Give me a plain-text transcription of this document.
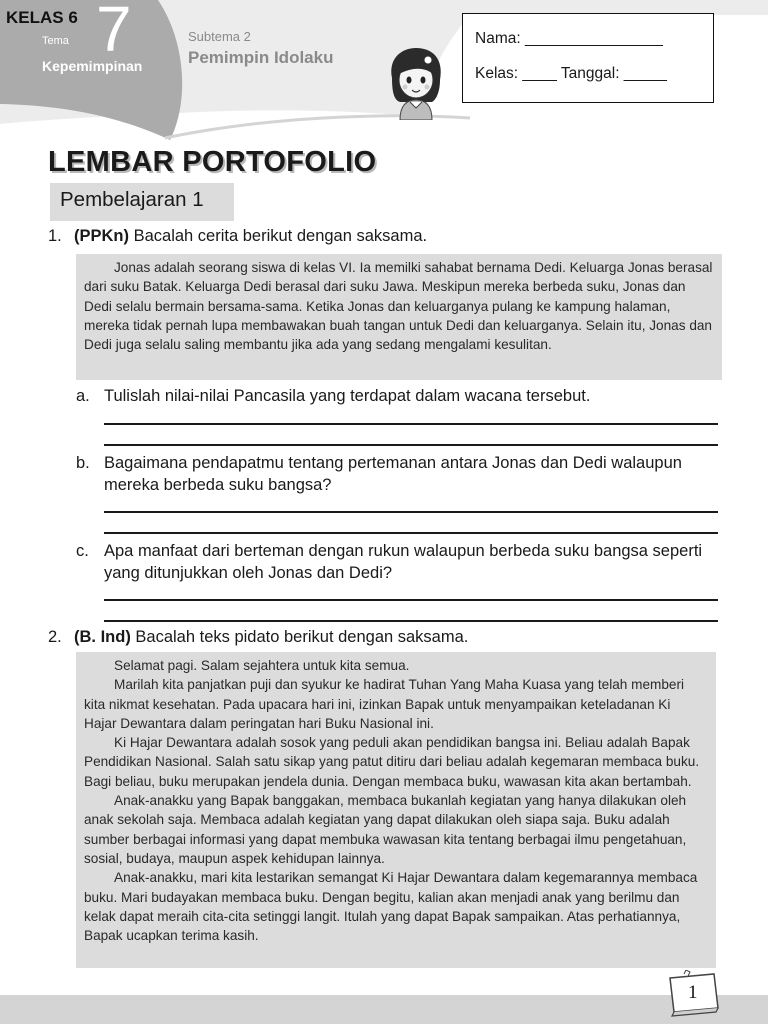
KELAS 6
Tema 7
Kepemimpinan
Subtema 2
Pemimpin Idolaku
Nama: ________________
Kelas: ____ Tanggal: _____
LEMBAR PORTOFOLIO
Pembelajaran 1
1. (PPKn) Bacalah cerita berikut dengan saksama.

Jonas adalah seorang siswa di kelas VI. Ia memilki sahabat bernama Dedi. Keluarga Jonas berasal dari suku Batak. Keluarga Dedi berasal dari suku Jawa. Meskipun mereka berbeda suku, Jonas dan Dedi selalu bermain bersama-sama. Ketika Jonas dan keluarganya pulang ke kampung halaman, mereka tidak pernah lupa membawakan buah tangan untuk Dedi dan keluarganya. Selain itu, Jonas dan Dedi juga selalu saling membantu jika ada yang sedang mengalami kesulitan.

a. Tulislah nilai-nilai Pancasila yang terdapat dalam wacana tersebut.
b. Bagaimana pendapatmu tentang pertemanan antara Jonas dan Dedi walaupun mereka berbeda suku bangsa?
c. Apa manfaat dari berteman dengan rukun walaupun berbeda suku bangsa seperti yang ditunjukkan oleh Jonas dan Dedi?
2. (B. Ind) Bacalah teks pidato berikut dengan saksama.

Selamat pagi. Salam sejahtera untuk kita semua.

Marilah kita panjatkan puji dan syukur ke hadirat Tuhan Yang Maha Kuasa yang telah memberi kita nikmat kesehatan. Pada upacara hari ini, izinkan Bapak untuk menyampaikan keteladanan Ki Hajar Dewantara dalam peringatan hari Buku Nasional ini.

Ki Hajar Dewantara adalah sosok yang peduli akan pendidikan bangsa ini. Beliau adalah Bapak Pendidikan Nasional. Salah satu sikap yang patut ditiru dari beliau adalah kegemaran membaca buku. Bagi beliau, buku merupakan jendela dunia. Dengan membaca buku, wawasan kita akan bertambah.

Anak-anakku yang Bapak banggakan, membaca bukanlah kegiatan yang hanya dilakukan oleh anak sekolah saja. Membaca adalah kegiatan yang dapat dilakukan oleh siapa saja. Buku adalah sumber berbagai informasi yang dapat membuka wawasan kita tentang berbagai ilmu pengetahuan, sosial, budaya, maupun aspek kehidupan lainnya.

Anak-anakku, mari kita lestarikan semangat Ki Hajar Dewantara dalam kegemarannya membaca buku. Mari budayakan membaca buku. Dengan begitu, kalian akan menjadi anak yang berilmu dan kelak dapat meraih cita-cita setinggi langit. Itulah yang dapat Bapak sampaikan. Atas perhatiannya, Bapak ucapkan terima kasih.

1
